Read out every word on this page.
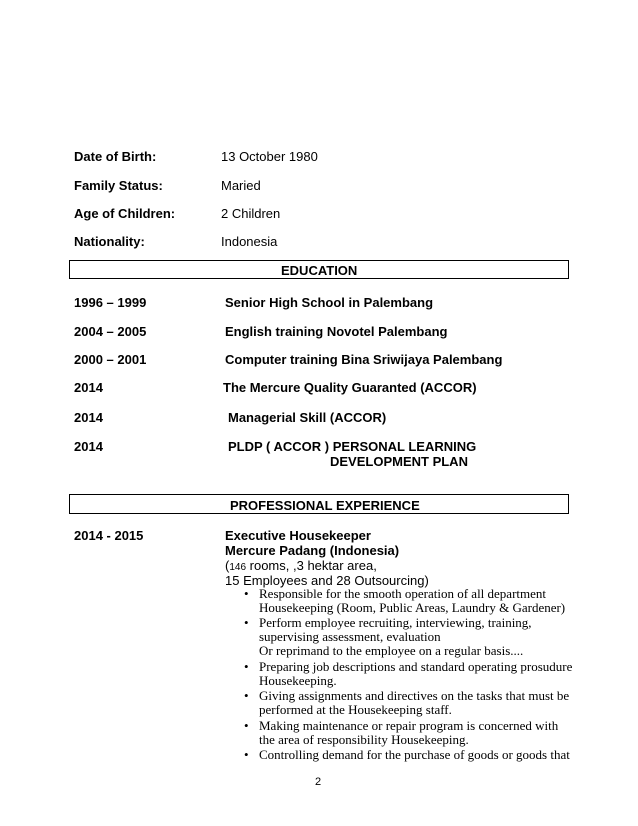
Date of Birth:	13 October 1980
Family Status:	Maried
Age of Children:	2 Children
Nationality:	Indonesia
EDUCATION
1996 – 1999	Senior High School in Palembang
2004 – 2005	English training Novotel Palembang
2000 – 2001	Computer training Bina Sriwijaya Palembang
2014	The Mercure Quality Guaranted (ACCOR)
2014	Managerial Skill (ACCOR)
2014	PLDP ( ACCOR ) PERSONAL LEARNING
DEVELOPMENT PLAN
PROFESSIONAL EXPERIENCE
2014 - 2015	Executive Housekeeper
Mercure Padang (Indonesia)
(146 rooms, ,3 hektar area,
15 Employees and 28 Outsourcing)
• Responsible for the smooth operation of all department
Housekeeping (Room, Public Areas, Laundry & Gardener)
• Perform employee recruiting, interviewing, training,
supervising assessment, evaluation
Or reprimand to the employee on a regular basis....
• Preparing job descriptions and standard operating prosudure
Housekeeping.
• Giving assignments and directives on the tasks that must be
performed at the Housekeeping staff.
• Making maintenance or repair program is concerned with
the area of responsibility Housekeeping.
• Controlling demand for the purchase of goods or goods that
2
